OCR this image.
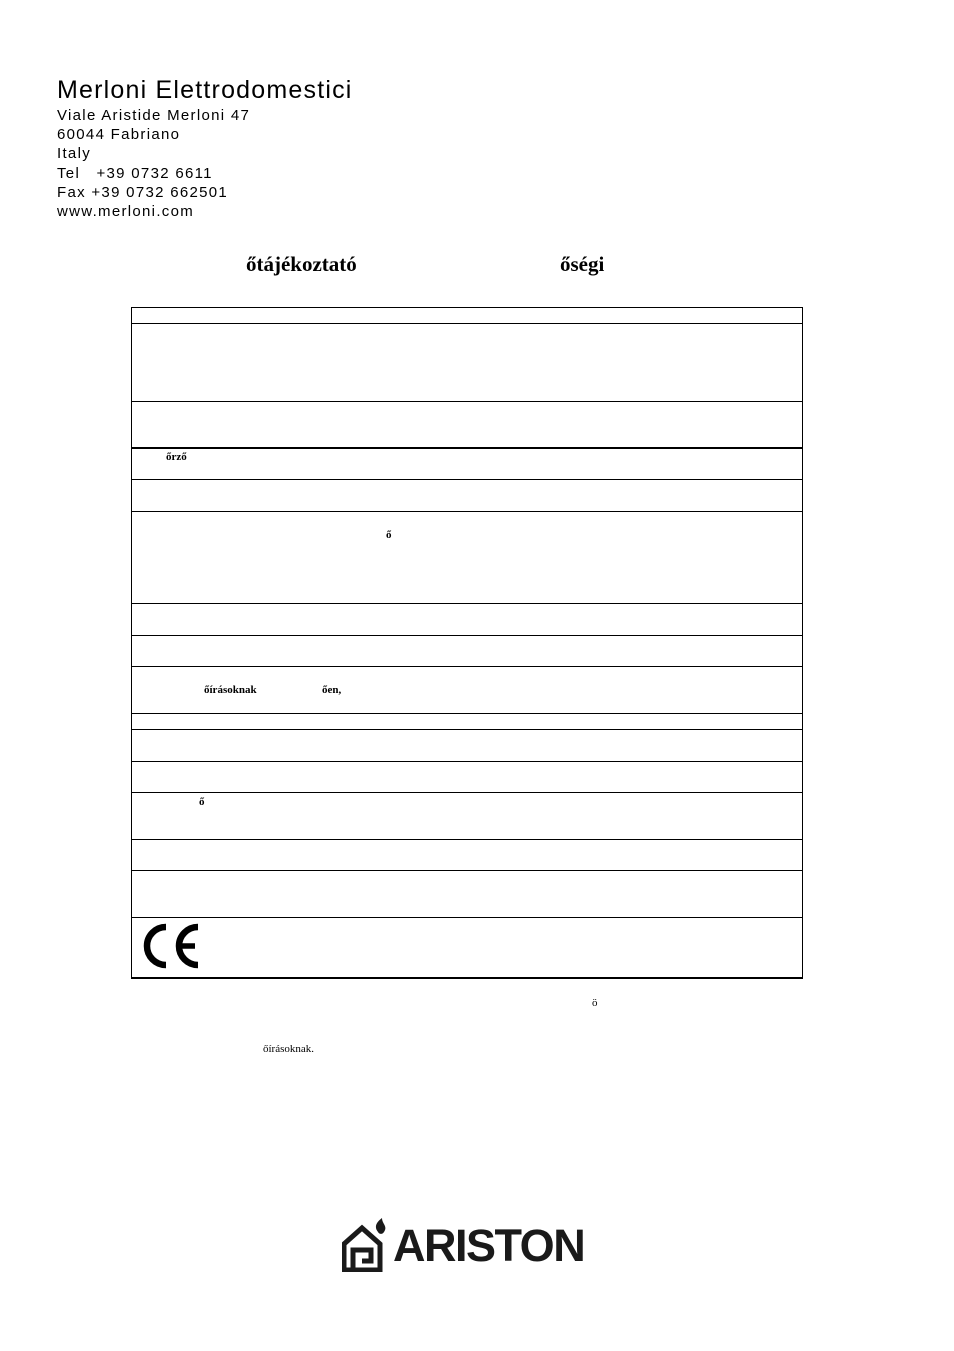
Merloni Elettrodomestici
Viale Aristide Merloni 47
60044 Fabriano
Italy
Tel   +39 0732 6611
Fax +39 0732 662501
www.merloni.com
őtájékoztató	őségi
őrző
ő
őírásoknak	ően,
ő
ö
őírásoknak.
ARISTON
